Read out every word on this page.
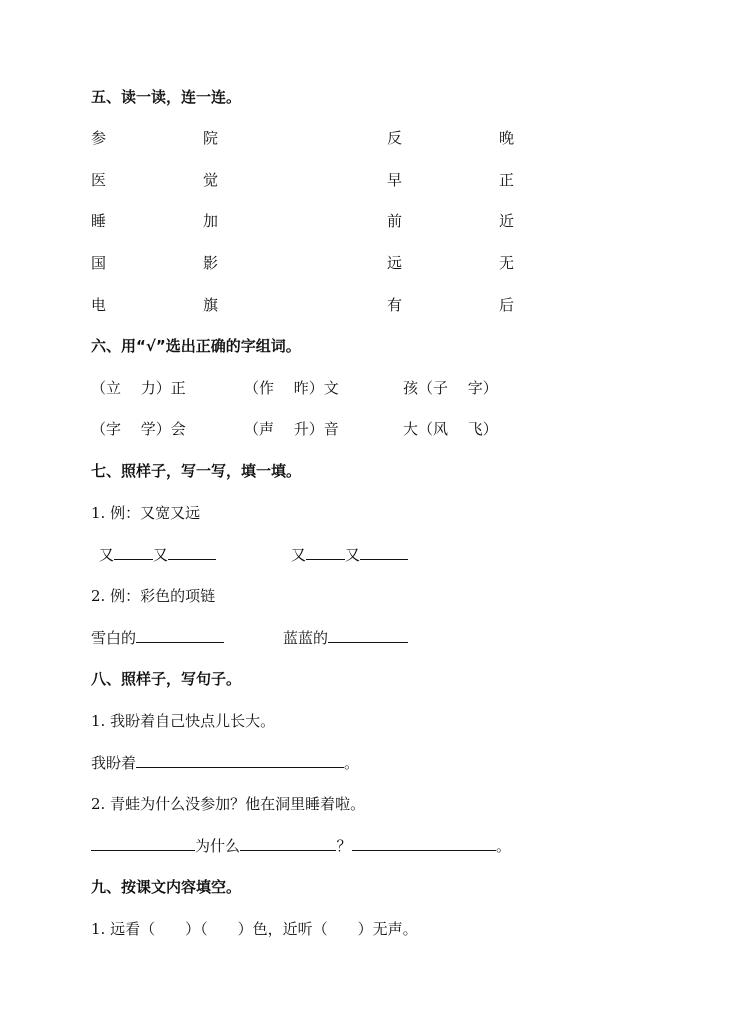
五、读一读，连一连。
参	院	反	晚
医	觉	早	正
睡	加	前	近
国	影	远	无
电	旗	有	后
六、用“√”选出正确的字组词。
（立　 力）正	（作　 昨）文	孩（子　 字）
（字　 学）会	（声　 升）音	大（风　 飞）
七、照样子，写一写，填一填。
1. 例：又宽又远
又	又	又	又
2. 例：彩色的项链
雪白的	蓝蓝的
八、照样子，写句子。
1. 我盼着自己快点儿长大。
我盼着	。
2. 青蛙为什么没参加？他在洞里睡着啦。
为什么	？	。
九、按课文内容填空。
1. 远看（　　）（　　）色，近听（　　）无声。
